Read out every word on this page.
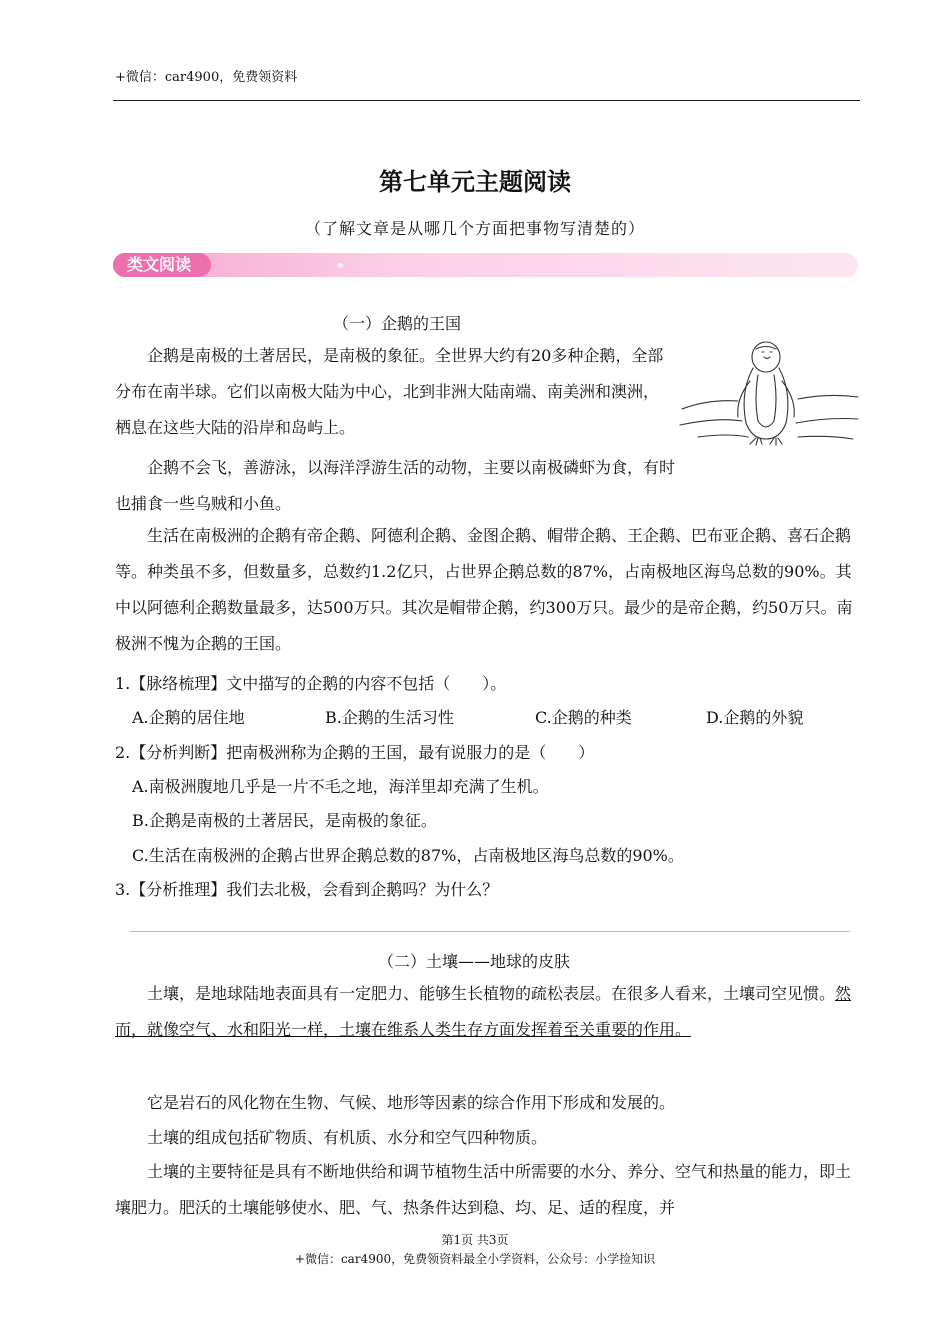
+微信：car4900，免费领资料
第七单元主题阅读
（了解文章是从哪几个方面把事物写清楚的）
类文阅读
（一）企鹅的王国

企鹅是南极的土著居民，是南极的象征。全世界大约有20多种企鹅，全部分布在南半球。它们以南极大陆为中心，北到非洲大陆南端、南美洲和澳洲，栖息在这些大陆的沿岸和岛屿上。

企鹅不会飞，善游泳，以海洋浮游生活的动物，主要以南极磷虾为食，有时也捕食一些乌贼和小鱼。

生活在南极洲的企鹅有帝企鹅、阿德利企鹅、金图企鹅、帽带企鹅、王企鹅、巴布亚企鹅、喜石企鹅等。种类虽不多，但数量多，总数约1.2亿只，占世界企鹅总数的87%，占南极地区海鸟总数的90%。其中以阿德利企鹅数量最多，达500万只。其次是帽带企鹅，约300万只。最少的是帝企鹅，约50万只。南极洲不愧为企鹅的王国。

1.【脉络梳理】文中描写的企鹅的内容不包括（　　）。
A.企鹅的居住地	B.企鹅的生活习性	C.企鹅的种类	D.企鹅的外貌
2.【分析判断】把南极洲称为企鹅的王国，最有说服力的是（　　）
A.南极洲腹地几乎是一片不毛之地，海洋里却充满了生机。
B.企鹅是南极的土著居民，是南极的象征。
C.生活在南极洲的企鹅占世界企鹅总数的87%，占南极地区海鸟总数的90%。
3.【分析推理】我们去北极，会看到企鹅吗？为什么？
（二）土壤——地球的皮肤

土壤，是地球陆地表面具有一定肥力、能够生长植物的疏松表层。在很多人看来，土壤司空见惯。然而，就像空气、水和阳光一样，土壤在维系人类生存方面发挥着至关重要的作用。

它是岩石的风化物在生物、气候、地形等因素的综合作用下形成和发展的。

土壤的组成包括矿物质、有机质、水分和空气四种物质。

土壤的主要特征是具有不断地供给和调节植物生活中所需要的水分、养分、空气和热量的能力，即土壤肥力。肥沃的土壤能够使水、肥、气、热条件达到稳、均、足、适的程度，并

第1页 共3页
+微信：car4900，免费领资料最全小学资料，公众号：小学捡知识
